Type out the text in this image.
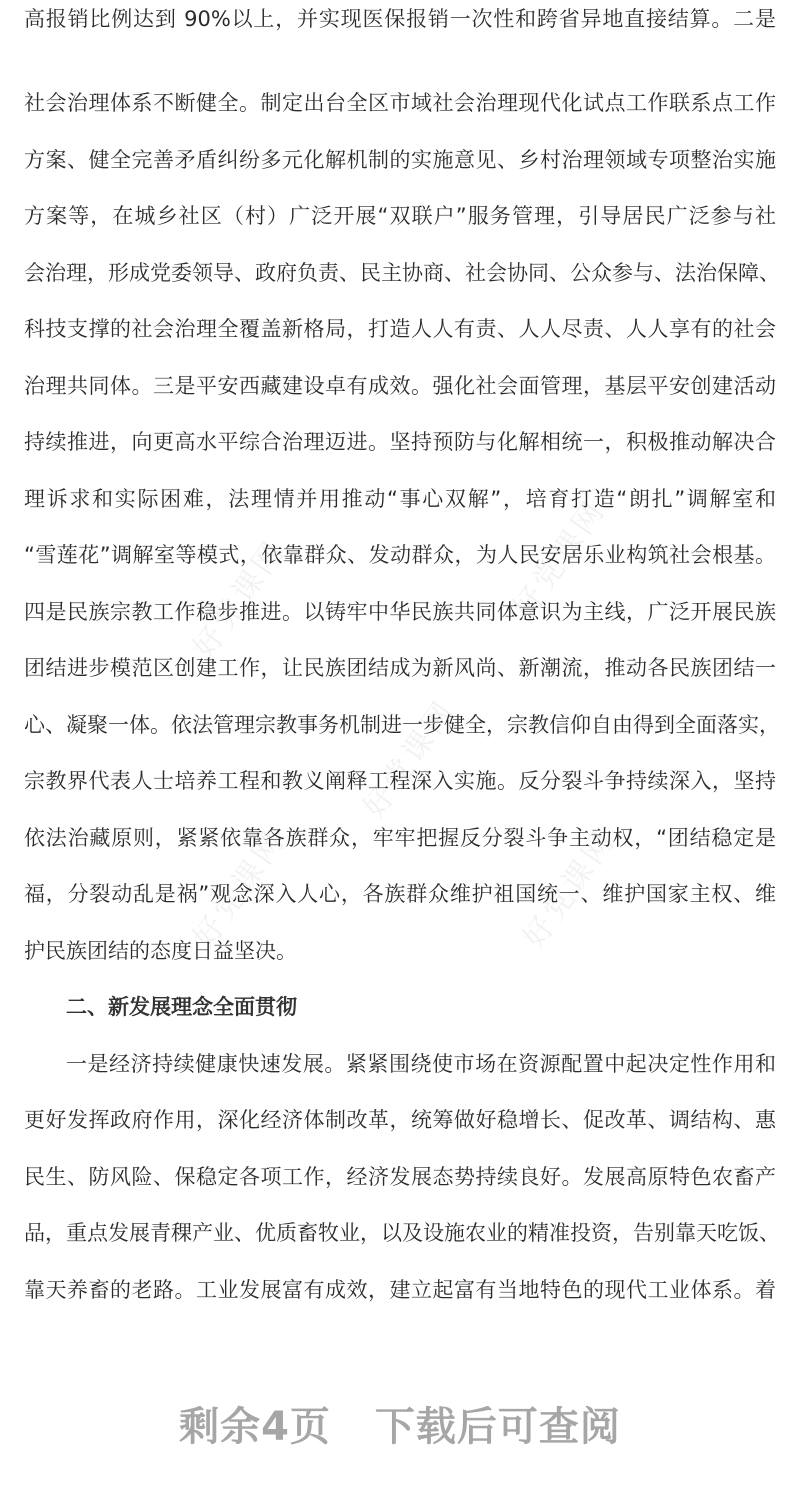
好党课网	好党课网
好党课网
好党课网	好党课网
高报销比例达到 90%以上，并实现医保报销一次性和跨省异地直接结算。二是
社会治理体系不断健全。制定出台全区市域社会治理现代化试点工作联系点工作
方案、健全完善矛盾纠纷多元化解机制的实施意见、乡村治理领域专项整治实施
方案等，在城乡社区（村）广泛开展“双联户”服务管理，引导居民广泛参与社
会治理，形成党委领导、政府负责、民主协商、社会协同、公众参与、法治保障、
科技支撑的社会治理全覆盖新格局，打造人人有责、人人尽责、人人享有的社会
治理共同体。三是平安西藏建设卓有成效。强化社会面管理，基层平安创建活动
持续推进，向更高水平综合治理迈进。坚持预防与化解相统一，积极推动解决合
理诉求和实际困难，法理情并用推动“事心双解”，培育打造“朗扎”调解室和
“雪莲花”调解室等模式，依靠群众、发动群众，为人民安居乐业构筑社会根基。
四是民族宗教工作稳步推进。以铸牢中华民族共同体意识为主线，广泛开展民族
团结进步模范区创建工作，让民族团结成为新风尚、新潮流，推动各民族团结一
心、凝聚一体。依法管理宗教事务机制进一步健全，宗教信仰自由得到全面落实，
宗教界代表人士培养工程和教义阐释工程深入实施。反分裂斗争持续深入，坚持
依法治藏原则，紧紧依靠各族群众，牢牢把握反分裂斗争主动权，“团结稳定是
福，分裂动乱是祸”观念深入人心，各族群众维护祖国统一、维护国家主权、维
护民族团结的态度日益坚决。
二、新发展理念全面贯彻
一是经济持续健康快速发展。紧紧围绕使市场在资源配置中起决定性作用和
更好发挥政府作用，深化经济体制改革，统筹做好稳增长、促改革、调结构、惠
民生、防风险、保稳定各项工作，经济发展态势持续良好。发展高原特色农畜产
品，重点发展青稞产业、优质畜牧业，以及设施农业的精准投资，告别靠天吃饭、
靠天养畜的老路。工业发展富有成效，建立起富有当地特色的现代工业体系。着
剩余4页 下载后可查阅
